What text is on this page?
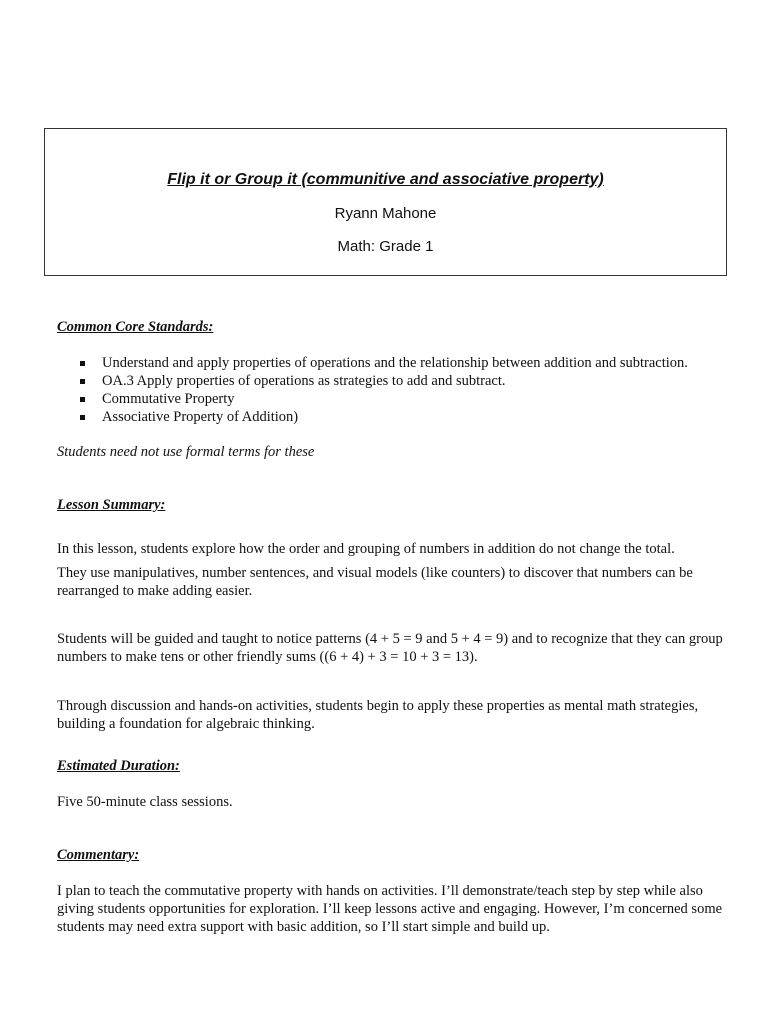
Flip it or Group it (communitive and associative property)
Ryann Mahone
Math: Grade 1

Common Core Standards:

Understand and apply properties of operations and the relationship between addition and subtraction.
OA.3 Apply properties of operations as strategies to add and subtract.
Commutative Property
Associative Property of Addition)

Students need not use formal terms for these

Lesson Summary:

In this lesson, students explore how the order and grouping of numbers in addition do not change the total.

They use manipulatives, number sentences, and visual models (like counters) to discover that numbers can be rearranged to make adding easier.

Students will be guided and taught to notice patterns (4 + 5 = 9 and 5 + 4 = 9) and to recognize that they can group numbers to make tens or other friendly sums ((6 + 4) + 3 = 10 + 3 = 13).

Through discussion and hands-on activities, students begin to apply these properties as mental math strategies, building a foundation for algebraic thinking.

Estimated Duration:

Five 50-minute class sessions.

Commentary:

I plan to teach the commutative property with hands on activities. I’ll demonstrate/teach step by step while also giving students opportunities for exploration. I’ll keep lessons active and engaging. However, I’m concerned some students may need extra support with basic addition, so I’ll start simple and build up.
